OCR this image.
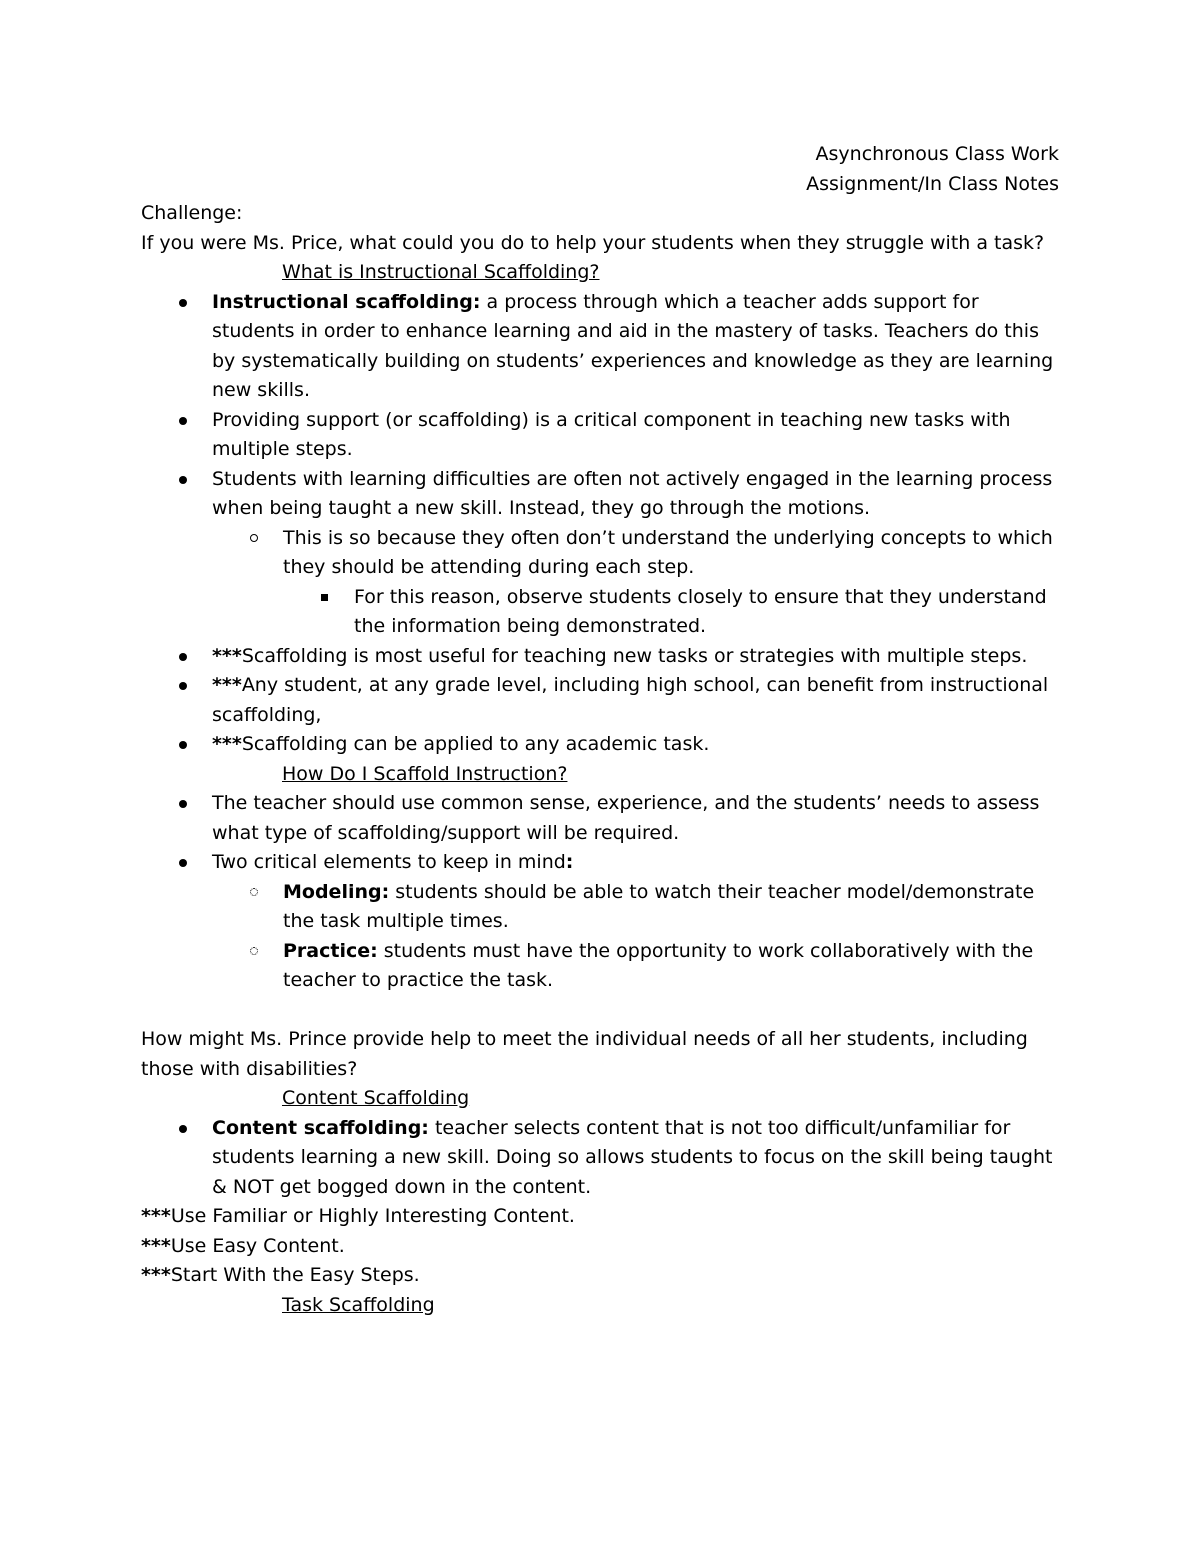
Asynchronous Class Work
Assignment/In Class Notes
Challenge:
If you were Ms. Price, what could you do to help your students when they struggle with a task?
What is Instructional Scaffolding?
Instructional scaffolding: a process through which a teacher adds support for students in order to enhance learning and aid in the mastery of tasks. Teachers do this by systematically building on students’ experiences and knowledge as they are learning new skills.
Providing support (or scaffolding) is a critical component in teaching new tasks with multiple steps.
Students with learning difficulties are often not actively engaged in the learning process when being taught a new skill. Instead, they go through the motions.
This is so because they often don’t understand the underlying concepts to which they should be attending during each step.
For this reason, observe students closely to ensure that they understand the information being demonstrated.
***Scaffolding is most useful for teaching new tasks or strategies with multiple steps.
***Any student, at any grade level, including high school, can benefit from instructional scaffolding,
***Scaffolding can be applied to any academic task.
How Do I Scaffold Instruction?
The teacher should use common sense, experience, and the students’ needs to assess what type of scaffolding/support will be required.
Two critical elements to keep in mind:
Modeling: students should be able to watch their teacher model/demonstrate the task multiple times.
Practice: students must have the opportunity to work collaboratively with the teacher to practice the task.
How might Ms. Prince provide help to meet the individual needs of all her students, including those with disabilities?
Content Scaffolding
Content scaffolding: teacher selects content that is not too difficult/unfamiliar for students learning a new skill. Doing so allows students to focus on the skill being taught & NOT get bogged down in the content.
***Use Familiar or Highly Interesting Content.
***Use Easy Content.
***Start With the Easy Steps.
Task Scaffolding
